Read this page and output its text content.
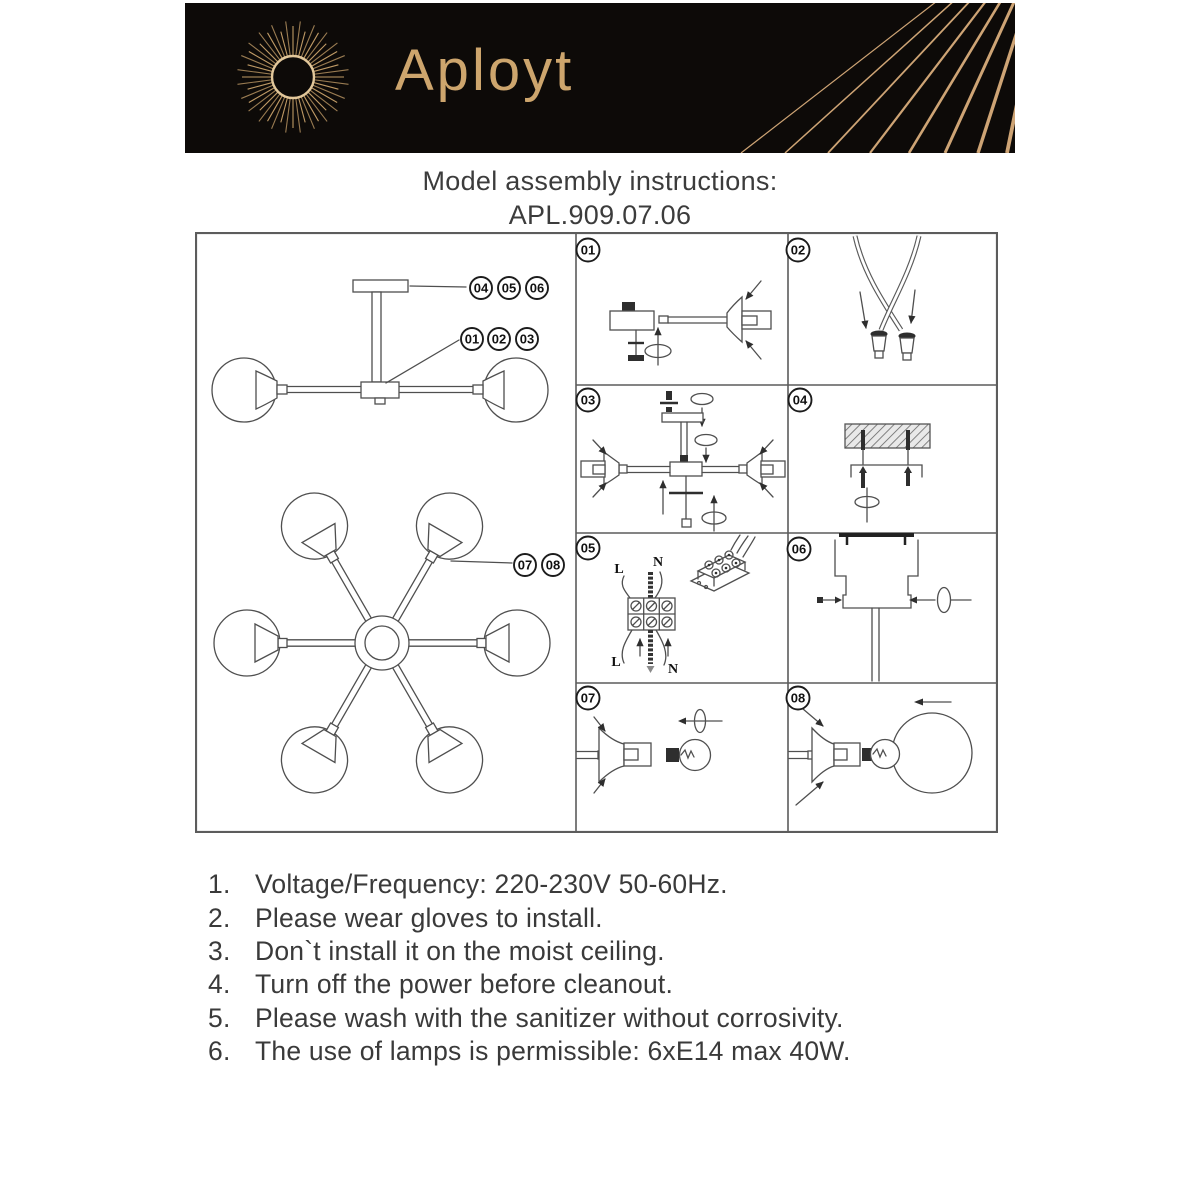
Aployt
Model assembly instructions:
APL.909.07.06
04 05 06
01 02 03
07 08	L N
L	N
01	02
03	04
05	06
07	08
1. Voltage/Frequency: 220-230V 50-60Hz.
2. Please wear gloves to install.
3. Don`t install it on the moist ceiling.
4. Turn off the power before cleanout.
5. Please wash with the sanitizer without corrosivity.
6. The use of lamps is permissible: 6xE14 max 40W.
